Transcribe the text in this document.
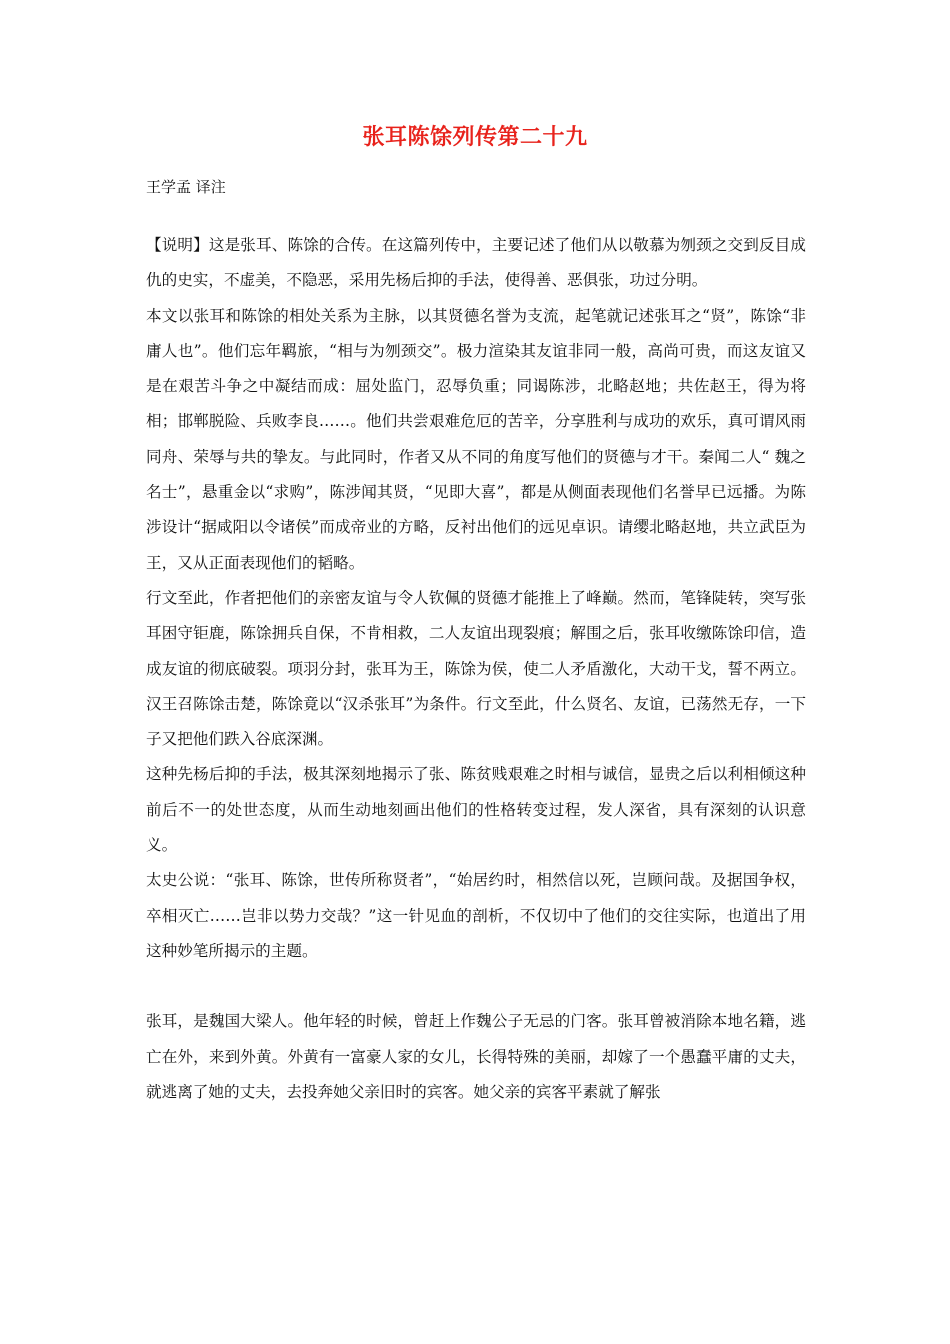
张耳陈馀列传第二十九
王学孟 译注

【说明】这是张耳、陈馀的合传。在这篇列传中，主要记述了他们从以敬慕为刎颈之交到反目成仇的史实，不虚美，不隐恶，采用先杨后抑的手法，使得善、恶俱张，功过分明。

本文以张耳和陈馀的相处关系为主脉，以其贤德名誉为支流，起笔就记述张耳之“贤”，陈馀“非庸人也”。他们忘年羁旅，“相与为刎颈交”。极力渲染其友谊非同一般，高尚可贵，而这友谊又是在艰苦斗争之中凝结而成：屈处监门，忍辱负重；同谒陈涉，北略赵地；共佐赵王，得为将相；邯郸脱险、兵败李良……。他们共尝艰难危厄的苦辛，分享胜利与成功的欢乐，真可谓风雨同舟、荣辱与共的挚友。与此同时，作者又从不同的角度写他们的贤德与才干。秦闻二人“ 魏之名士”，悬重金以“求购”，陈涉闻其贤，“见即大喜”，都是从侧面表现他们名誉早已远播。为陈涉设计“据咸阳以令诸侯”而成帝业的方略，反衬出他们的远见卓识。请缨北略赵地，共立武臣为王，又从正面表现他们的韬略。

行文至此，作者把他们的亲密友谊与令人钦佩的贤德才能推上了峰巅。然而，笔锋陡转，突写张耳困守钜鹿，陈馀拥兵自保，不肯相救，二人友谊出现裂痕；解围之后，张耳收缴陈馀印信，造成友谊的彻底破裂。项羽分封，张耳为王，陈馀为侯，使二人矛盾激化，大动干戈，誓不两立。汉王召陈馀击楚，陈馀竟以“汉杀张耳”为条件。行文至此，什么贤名、友谊，已荡然无存，一下子又把他们跌入谷底深渊。

这种先杨后抑的手法，极其深刻地揭示了张、陈贫贱艰难之时相与诚信，显贵之后以利相倾这种前后不一的处世态度，从而生动地刻画出他们的性格转变过程，发人深省，具有深刻的认识意义。

太史公说：“张耳、陈馀，世传所称贤者”，“始居约时，相然信以死，岂顾问哉。及据国争权，卒相灭亡……岂非以势力交哉？”这一针见血的剖析，不仅切中了他们的交往实际，也道出了用这种妙笔所揭示的主题。

张耳，是魏国大梁人。他年轻的时候，曾赶上作魏公子无忌的门客。张耳曾被消除本地名籍，逃亡在外，来到外黄。外黄有一富豪人家的女儿，长得特殊的美丽，却嫁了一个愚蠢平庸的丈夫，就逃离了她的丈夫，去投奔她父亲旧时的宾客。她父亲的宾客平素就了解张
